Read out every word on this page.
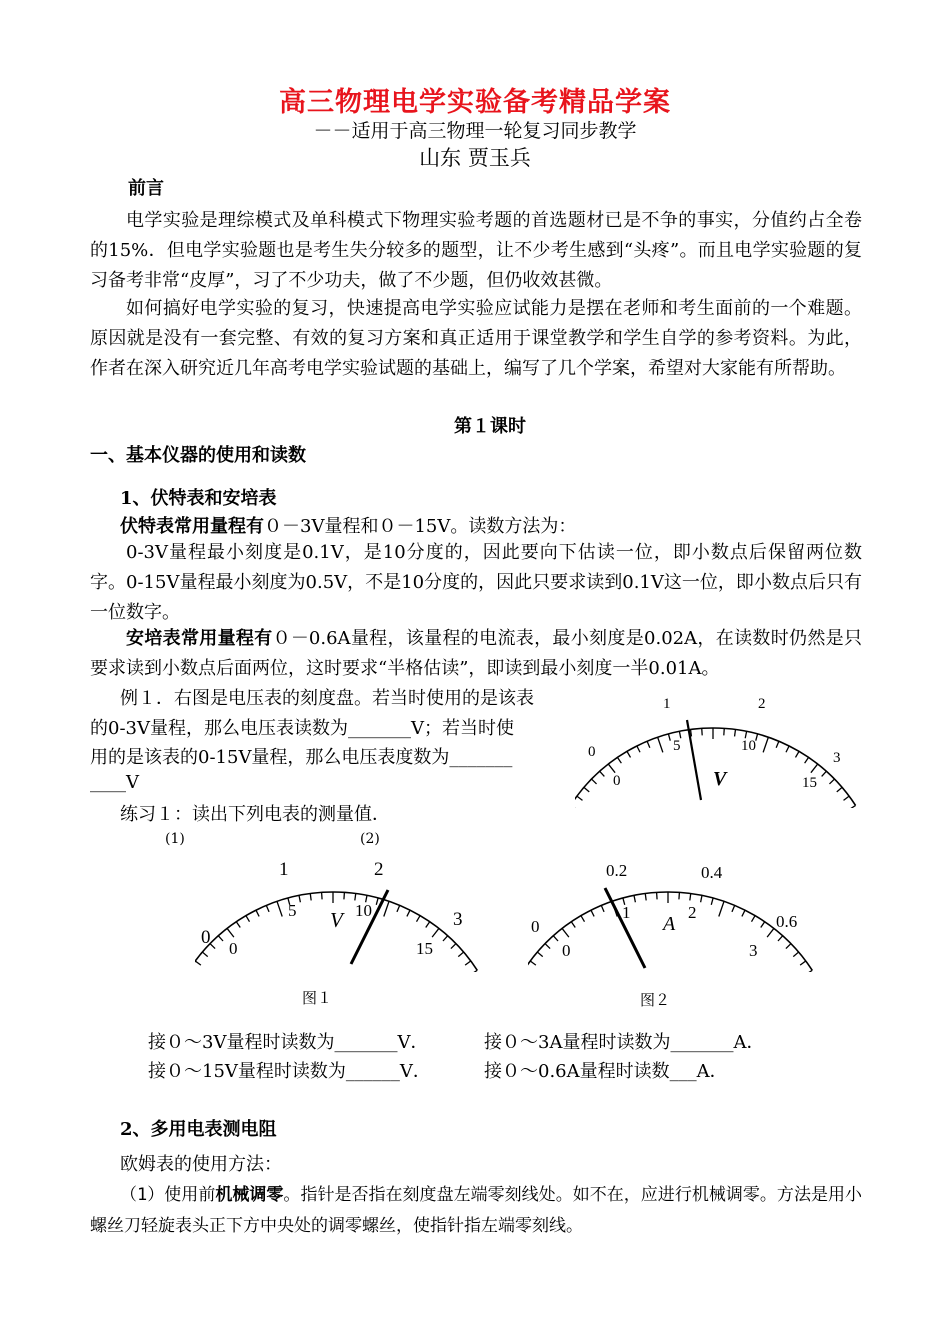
高三物理电学实验备考精品学案
－－适用于高三物理一轮复习同步教学
山东 贾玉兵
前言
电学实验是理综模式及单科模式下物理实验考题的首选题材已是不争的事实，分值约占全卷的15%．但电学实验题也是考生失分较多的题型，让不少考生感到“头疼”。而且电学实验题的复习备考非常“皮厚”，习了不少功夫，做了不少题，但仍收效甚微。
如何搞好电学实验的复习，快速提高电学实验应试能力是摆在老师和考生面前的一个难题。原因就是没有一套完整、有效的复习方案和真正适用于课堂教学和学生自学的参考资料。为此，作者在深入研究近几年高考电学实验试题的基础上，编写了几个学案，希望对大家能有所帮助。
第１课时
一、基本仪器的使用和读数
1、伏特表和安培表
伏特表常用量程有０－3V量程和０－15V。读数方法为：
0-3V量程最小刻度是0.1V，是10分度的，因此要向下估读一位，即小数点后保留两位数字。0-15V量程最小刻度为0.5V，不是10分度的，因此只要求读到0.1V这一位，即小数点后只有一位数字。
安培表常用量程有０－0.6A量程，该量程的电流表，最小刻度是0.02A，在读数时仍然是只要求读到小数点后面两位，这时要求“半格估读”，即读到最小刻度一半0.01A。
例１．右图是电压表的刻度盘。若当时使用的是该表
的0-3V量程，那么电压表读数为_______V；若当时使
用的是该表的0-15V量程，那么电压表度数为_______
____V
练习１：读出下列电表的测量值．
0
1	2
3
0
5	10
15
V
(1)	(2)
0
1	2
3
0
5	10
15
V	0
0.2	0.4
0.6
0
1	2
3
A
图１	图２
接０～3V量程时读数为_______V．
接０～15V量程时读数为______V．
接０～3A量程时读数为_______A．
接０～0.6A量程时读数___A．
2、多用电表测电阻
欧姆表的使用方法：
（1）使用前机械调零。指针是否指在刻度盘左端零刻线处。如不在，应进行机械调零。方法是用小螺丝刀轻旋表头正下方中央处的调零螺丝，使指针指左端零刻线。
